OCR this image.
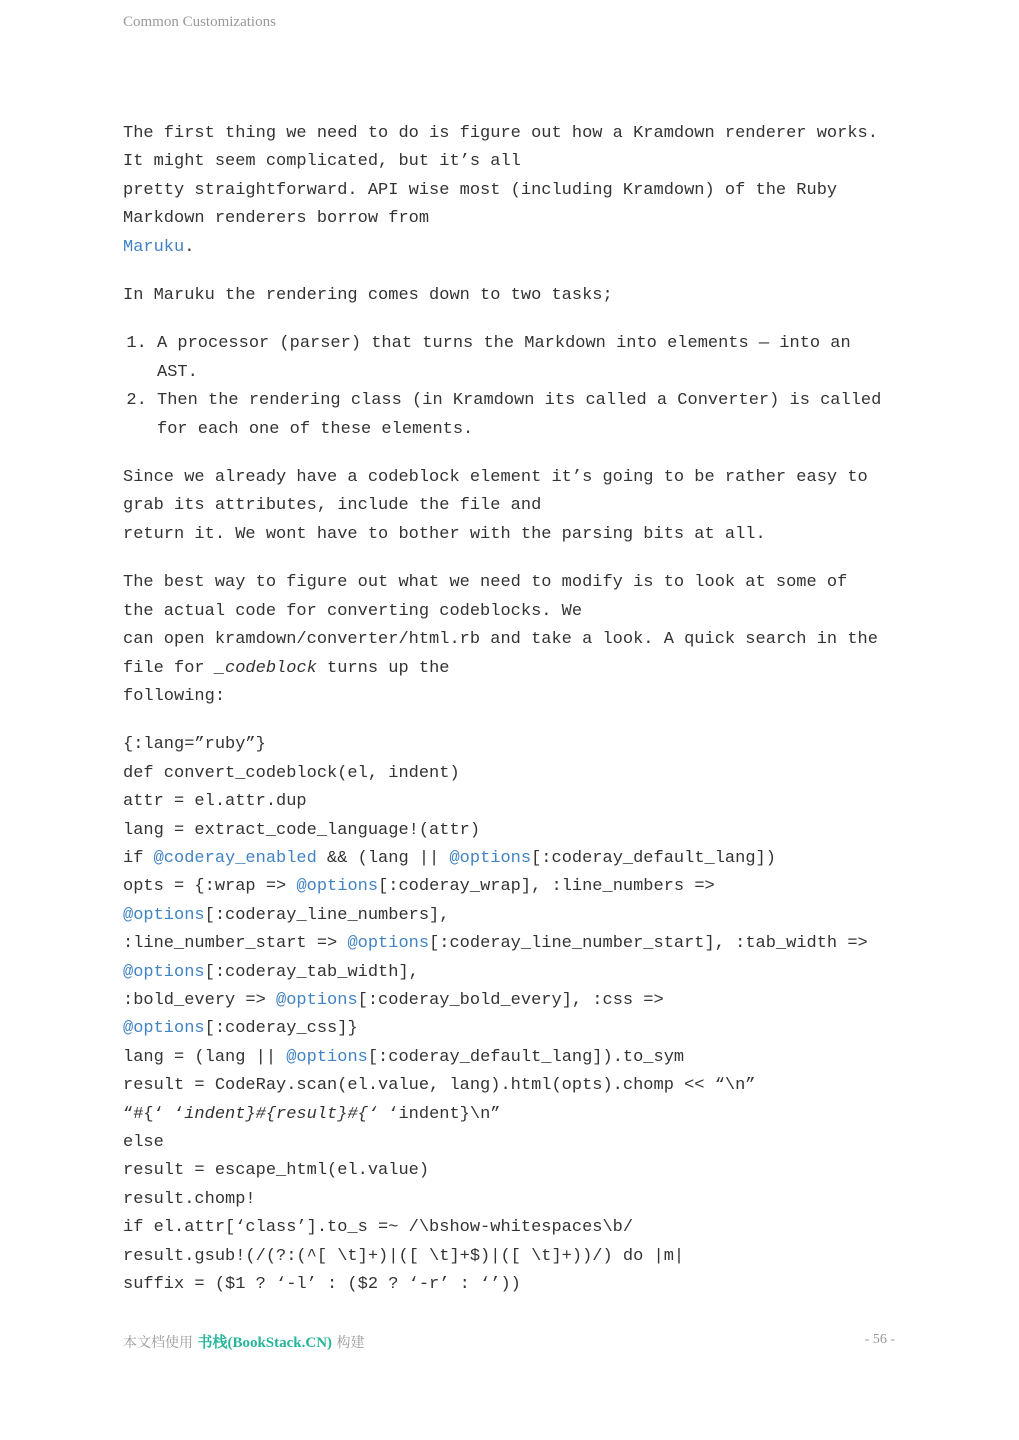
Common Customizations

The first thing we need to do is figure out how a Kramdown renderer works.
It might seem complicated, but it’s all
pretty straightforward. API wise most (including Kramdown) of the Ruby
Markdown renderers borrow from
Maruku.

In Maruku the rendering comes down to two tasks;

1. A processor (parser) that turns the Markdown into elements — into an AST.
2. Then the rendering class (in Kramdown its called a Converter) is called for each one of these elements.

Since we already have a codeblock element it’s going to be rather easy to
grab its attributes, include the file and
return it. We wont have to bother with the parsing bits at all.

The best way to figure out what we need to modify is to look at some of
the actual code for converting codeblocks. We
can open kramdown/converter/html.rb and take a look. A quick search in the
file for _codeblock turns up the
following:

{:lang=”ruby”}
def convert_codeblock(el, indent)
attr = el.attr.dup
lang = extract_code_language!(attr)
if @coderay_enabled && (lang || @options[:coderay_default_lang])
opts = {:wrap => @options[:coderay_wrap], :line_numbers =>
@options[:coderay_line_numbers],
:line_number_start => @options[:coderay_line_number_start], :tab_width =>
@options[:coderay_tab_width],
:bold_every => @options[:coderay_bold_every], :css =>
@options[:coderay_css]}
lang = (lang || @options[:coderay_default_lang]).to_sym
result = CodeRay.scan(el.value, lang).html(opts).chomp << “\n”
“#{‘ ‘indent}#{result}#{‘ ‘indent}\n”
else
result = escape_html(el.value)
result.chomp!
if el.attr[‘class’].to_s =~ /\bshow-whitespaces\b/
result.gsub!(/(?:(^[ \t]+)|([ \t]+$)|([ \t]+))/) do |m|
suffix = ($1 ? ‘-l’ : ($2 ? ‘-r’ : ‘’))
本文档使用 书栈(BookStack.CN) 构建	- 56 -
